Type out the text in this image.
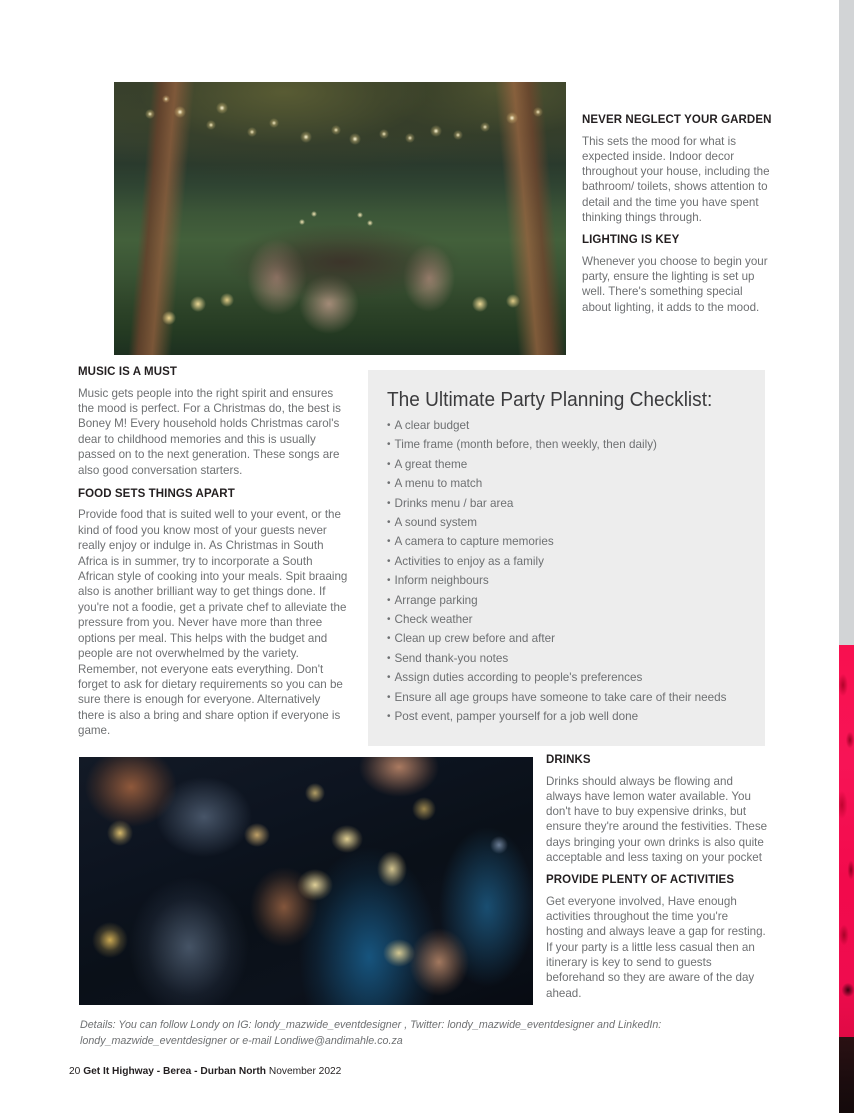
NEVER NEGLECT YOUR GARDEN
This sets the mood for what is expected inside. Indoor decor throughout your house, including the bathroom/ toilets, shows attention to detail and the time you have spent thinking things through.
LIGHTING IS KEY
Whenever you choose to begin your party, ensure the lighting is set up well. There's something special about lighting, it adds to the mood.
MUSIC IS A MUST
Music gets people into the right spirit and ensures the mood is perfect. For a Christmas do, the best is Boney M! Every household holds Christmas carol's dear to childhood memories and this is usually passed on to the next generation. These songs are also good conversation starters.
FOOD SETS THINGS APART
Provide food that is suited well to your event, or the kind of food you know most of your guests never really enjoy or indulge in. As Christmas in South Africa is in summer, try to incorporate a South African style of cooking into your meals. Spit braaing also is another brilliant way to get things done. If you're not a foodie, get a private chef to alleviate the pressure from you. Never have more than three options per meal. This helps with the budget and people are not overwhelmed by the variety. Remember, not everyone eats everything. Don't forget to ask for dietary requirements so you can be sure there is enough for everyone. Alternatively there is also a bring and share option if everyone is game.
The Ultimate Party Planning Checklist:
• A clear budget
• Time frame (month before, then weekly, then daily)
• A great theme
• A menu to match
• Drinks menu / bar area
• A sound system
• A camera to capture memories
• Activities to enjoy as a family
• Inform neighbours
• Arrange parking
• Check weather
• Clean up crew before and after
• Send thank-you notes
• Assign duties according to people's preferences
• Ensure all age groups have someone to take care of their needs
• Post event, pamper yourself for a job well done
DRINKS
Drinks should always be flowing and always have lemon water available. You don't have to buy expensive drinks, but ensure they're around the festivities. These days bringing your own drinks is also quite acceptable and less taxing on your pocket
PROVIDE PLENTY OF ACTIVITIES
Get everyone involved, Have enough activities throughout the time you're hosting and always leave a gap for resting. If your party is a little less casual then an itinerary is key to send to guests beforehand so they are aware of the day ahead.
Details: You can follow Londy on IG: londy_mazwide_eventdesigner , Twitter: londy_mazwide_eventdesigner and LinkedIn: londy_mazwide_eventdesigner or e-mail Londiwe@andimahle.co.za
20 Get It Highway - Berea - Durban North November 2022
